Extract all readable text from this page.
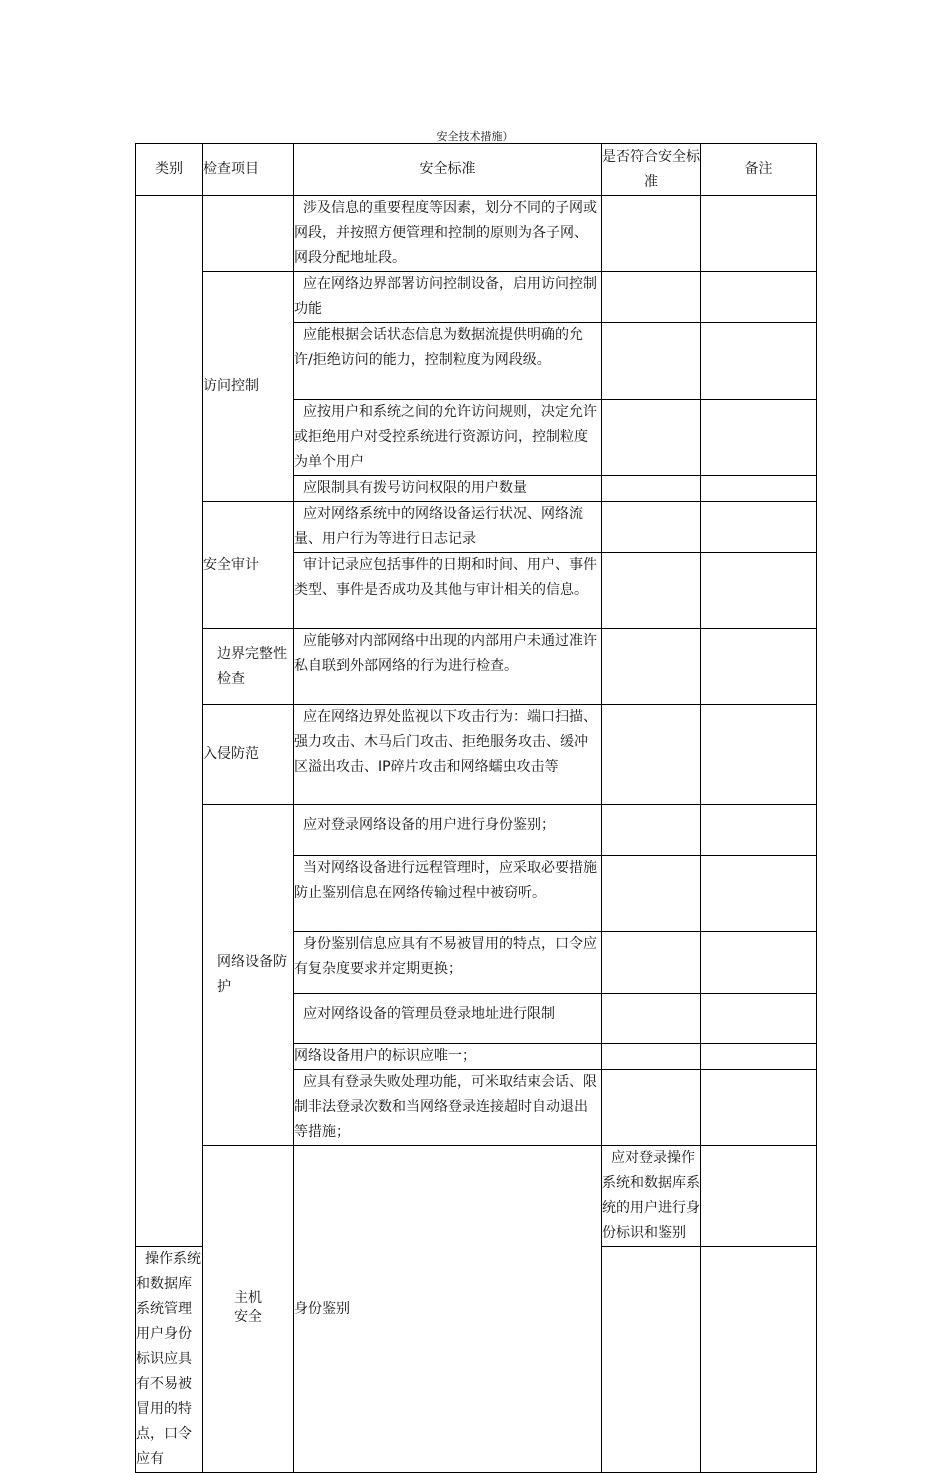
安全技术措施）
类别	检查项目	安全标准	是否符合安全标准	备注	

		涉及信息的重要程度等因素，划分不同的子网或网段，并按照方便管理和控制的原则为各子网、网段分配地址段。			

	访问控制	应在网络边界部署访问控制设备，启用访问控制功能			

		应能根据会话状态信息为数据流提供明确的允许/拒绝访问的能力，控制粒度为网段级。			

		应按用户和系统之间的允许访问规则，决定允许或拒绝用户对受控系统进行资源访问，控制粒度为单个用户			

		应限制具有拨号访问权限的用户数量			

	安全审计	应对网络系统中的网络设备运行状况、网络流量、用户行为等进行日志记录			

		审计记录应包括事件的日期和时间、用户、事件类型、事件是否成功及其他与审计相关的信息。			

	边界完整性检查	应能够对内部网络中出现的内部用户未通过准许私自联到外部网络的行为进行检查。			

	入侵防范	应在网络边界处监视以下攻击行为：端口扫描、强力攻击、木马后门攻击、拒绝服务攻击、缓冲区溢出攻击、IP碎片攻击和网络蠕虫攻击等			

	网络设备防护	应对登录网络设备的用户进行身份鉴别；			

		当对网络设备进行远程管理时，应采取必要措施防止鉴别信息在网络传输过程中被窃听。			

		身份鉴别信息应具有不易被冒用的特点，口令应有复杂度要求并定期更换；			

		应对网络设备的管理员登录地址进行限制			

		网络设备用户的标识应唯一；			

		应具有登录失败处理功能，可米取结束会话、限制非法登录次数和当网络登录连接超时自动退出等措施；			

	主机安全	身份鉴别	应对登录操作系统和数据库系统的用户进行身份标识和鉴别		

操作系统和数据库系统管理用户身份标识应具有不易被冒用的特点，口令应有					
